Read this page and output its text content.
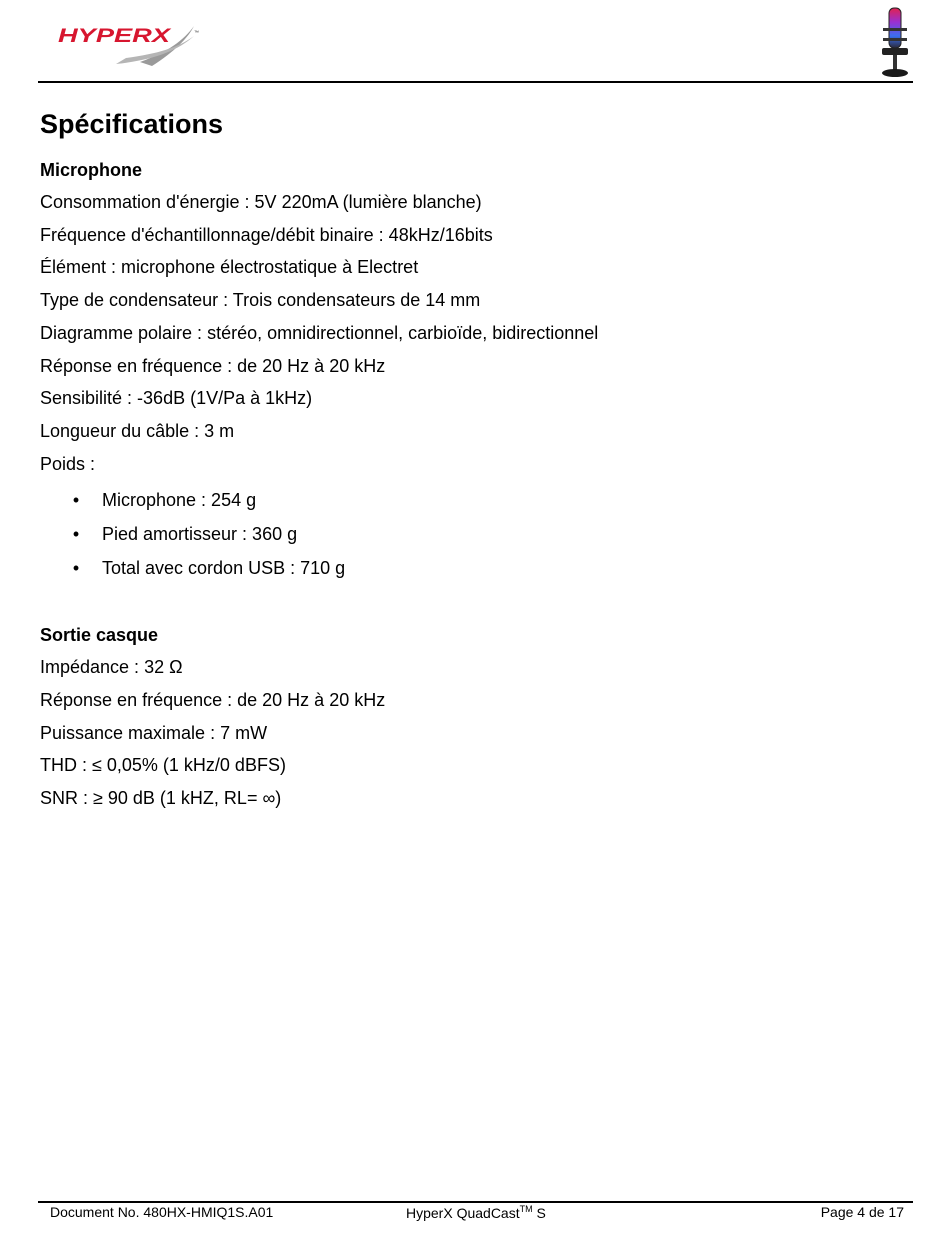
HYPERX	™
Spécifications
Microphone
Consommation d'énergie : 5V 220mA (lumière blanche)
Fréquence d'échantillonnage/débit binaire : 48kHz/16bits
Élément : microphone électrostatique à Electret
Type de condensateur : Trois condensateurs de 14 mm
Diagramme polaire : stéréo, omnidirectionnel, carbioïde, bidirectionnel
Réponse en fréquence : de 20 Hz à 20 kHz
Sensibilité : -36dB (1V/Pa à 1kHz)
Longueur du câble : 3 m
Poids :
• Microphone : 254 g
• Pied amortisseur : 360 g
• Total avec cordon USB : 710 g
Sortie casque
Impédance : 32 Ω
Réponse en fréquence : de 20 Hz à 20 kHz
Puissance maximale : 7 mW
THD : ≤ 0,05% (1 kHz/0 dBFS)
SNR : ≥ 90 dB (1 kHZ, RL= ∞)
Document No. 480HX-HMIQ1S.A01	HyperX QuadCast™ S	Page 4 de 17
